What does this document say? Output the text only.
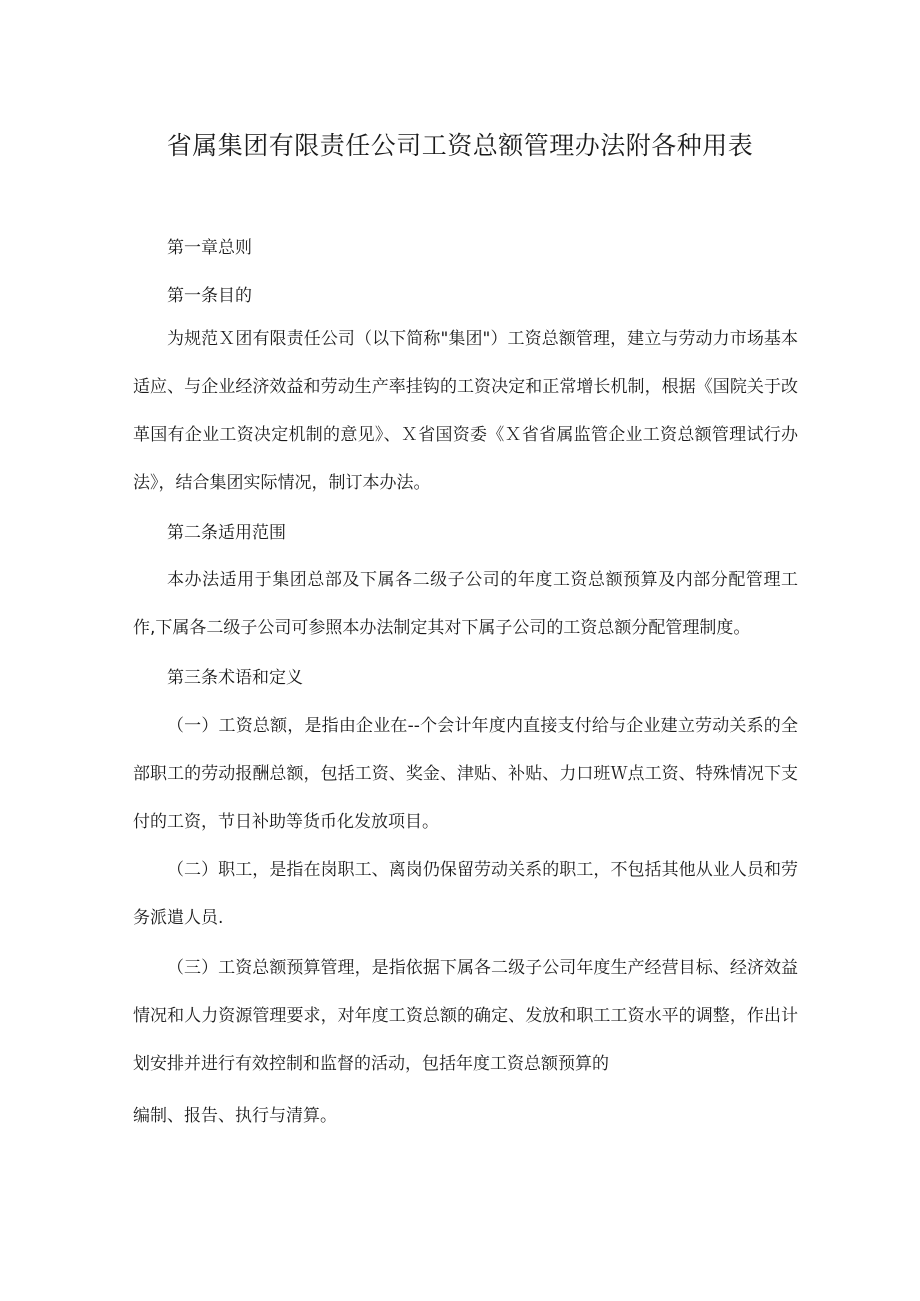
省属集团有限责任公司工资总额管理办法附各种用表

第一章总则

第一条目的

为规范Ｘ团有限责任公司（以下简称"集团"）工资总额管理，建立与劳动力市场基本适应、与企业经济效益和劳动生产率挂钩的工资决定和正常增长机制，根据《国院关于改革国有企业工资决定机制的意见》、Ｘ省国资委《Ｘ省省属监管企业工资总额管理试行办法》，结合集团实际情况，制订本办法。

第二条适用范围

本办法适用于集团总部及下属各二级子公司的年度工资总额预算及内部分配管理工作,下属各二级子公司可参照本办法制定其对下属子公司的工资总额分配管理制度。

第三条术语和定义

（一）工资总额，是指由企业在--个会计年度内直接支付给与企业建立劳动关系的全部职工的劳动报酬总额，包括工资、奖金、津贴、补贴、力口班Ｗ点工资、特殊情况下支付的工资，节日补助等货币化发放项目。

（二）职工，是指在岗职工、离岗仍保留劳动关系的职工，不包括其他从业人员和劳务派遣人员.

（三）工资总额预算管理，是指依据下属各二级子公司年度生产经营目标、经济效益情况和人力资源管理要求，对年度工资总额的确定、发放和职工工资水平的调整，作出计划安排并进行有效控制和监督的活动，包括年度工资总额预算的

编制、报告、执行与清算。
